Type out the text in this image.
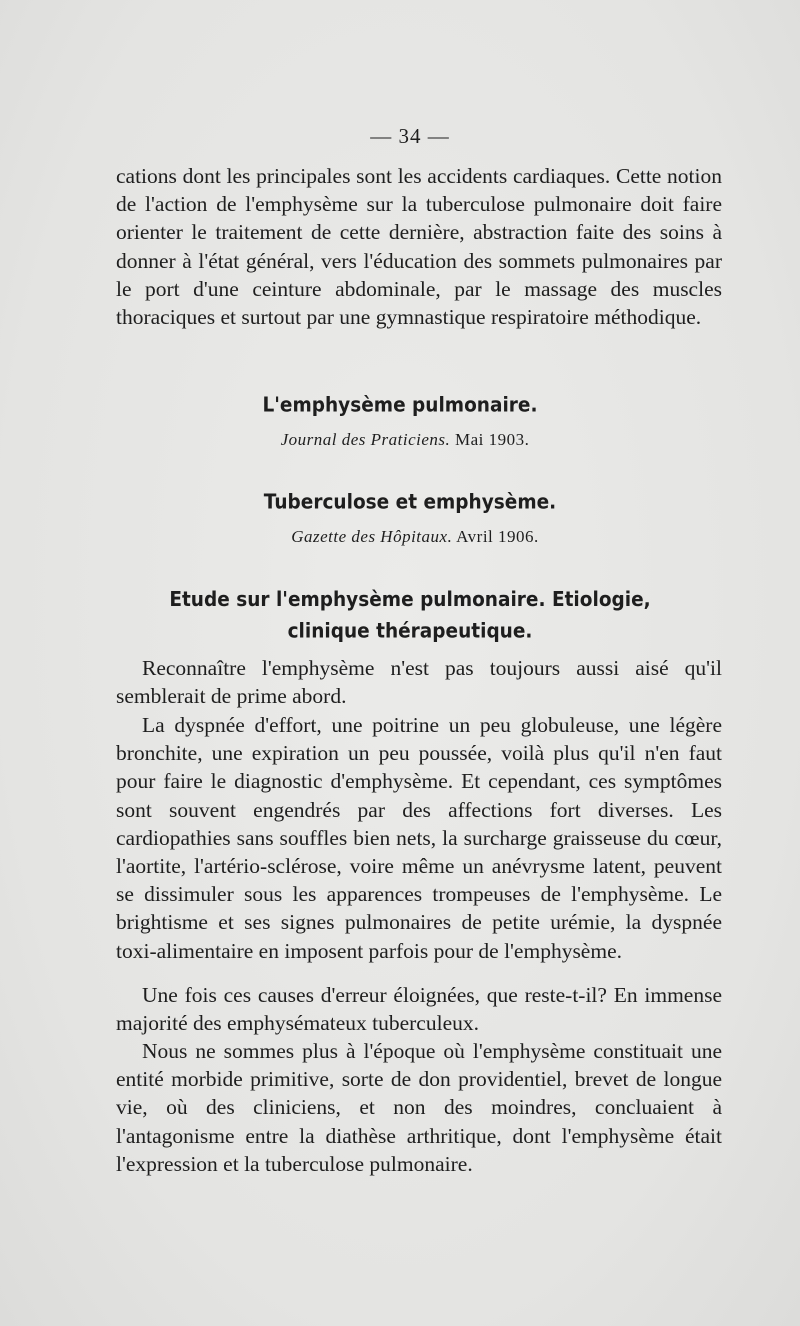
— 34 —

cations dont les principales sont les accidents cardiaques. Cette notion de l'action de l'emphysème sur la tuberculose pulmonaire doit faire orienter le traitement de cette dernière, abstraction faite des soins à donner à l'état général, vers l'éducation des sommets pulmonaires par le port d'une ceinture abdominale, par le massage des muscles thoraciques et surtout par une gymnastique respiratoire méthodique.

L'emphysème pulmonaire.
Journal des Praticiens. Mai 1903.
Tuberculose et emphysème.
Gazette des Hôpitaux. Avril 1906.
Etude sur l'emphysème pulmonaire. Etiologie, clinique thérapeutique.

Reconnaître l'emphysème n'est pas toujours aussi aisé qu'il semblerait de prime abord.

La dyspnée d'effort, une poitrine un peu globuleuse, une légère bronchite, une expiration un peu poussée, voilà plus qu'il n'en faut pour faire le diagnostic d'emphysème. Et cependant, ces symptômes sont souvent engendrés par des affections fort diverses. Les cardiopathies sans souffles bien nets, la surcharge graisseuse du cœur, l'aortite, l'artério-sclérose, voire même un anévrysme latent, peuvent se dissimuler sous les apparences trompeuses de l'emphysème. Le brightisme et ses signes pulmonaires de petite urémie, la dyspnée toxi-alimentaire en imposent parfois pour de l'emphysème.

Une fois ces causes d'erreur éloignées, que reste-t-il? En immense majorité des emphysémateux tuberculeux.

Nous ne sommes plus à l'époque où l'emphysème constituait une entité morbide primitive, sorte de don providentiel, brevet de longue vie, où des cliniciens, et non des moindres, concluaient à l'antagonisme entre la diathèse arthritique, dont l'emphysème était l'expression et la tuberculose pulmonaire.
